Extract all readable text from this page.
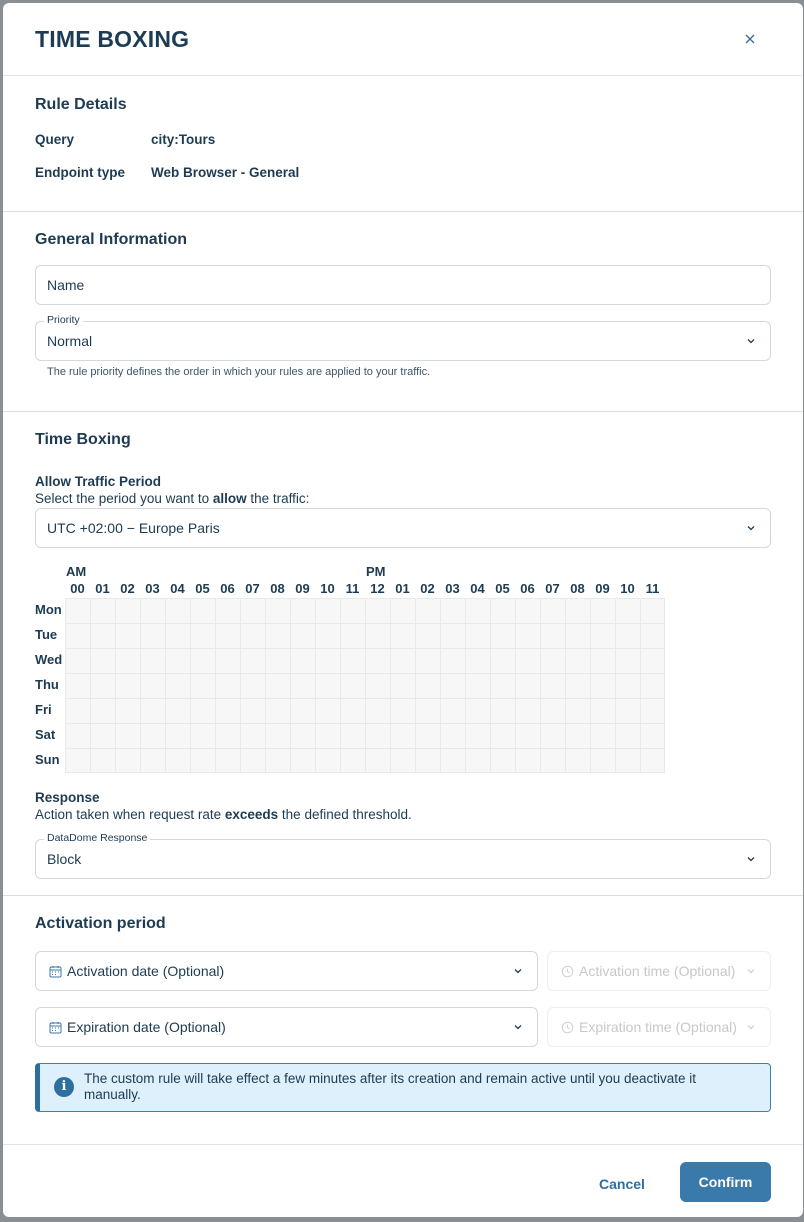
TIME BOXING
Rule Details
Query	city:Tours
Endpoint type Web Browser - General
General Information
Name
Priority
Normal
The rule priority defines the order in which your rules are applied to your traffic.
Time Boxing
Allow Traffic Period
Select the period you want to allow the traffic:
UTC +02:00 − Europe Paris
AM	PM
00 01 02 03 04 05 06 07 08 09 10 11 12 01 02 03 04 05 06 07 08 09 10 11
Mon
Tue
Wed
Thu
Fri
Sat
Sun
Response
Action taken when request rate exceeds the defined threshold.
DataDome Response
Block
Activation period
Activation date (Optional)	Activation time (Optional)
Expiration date (Optional)	Expiration time (Optional)
i
The custom rule will take effect a few minutes after its creation and remain active until you deactivate it manually.
Cancel	Confirm
